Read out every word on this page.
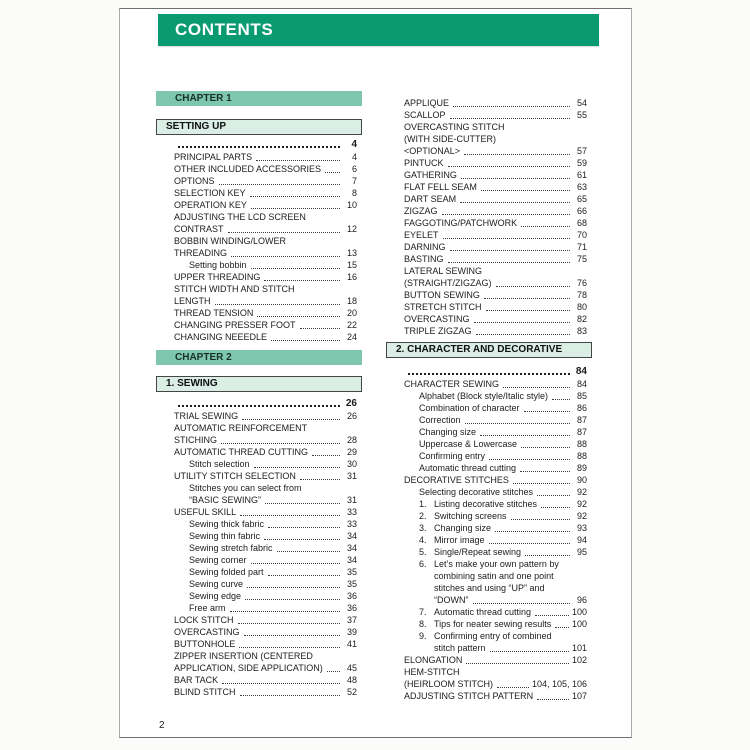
CONTENTS
CHAPTER 1
SETTING UP
4
PRINCIPAL PARTS	4
OTHER INCLUDED ACCESSORIES	6
OPTIONS	7
SELECTION KEY	8
OPERATION KEY	10
ADJUSTING THE LCD SCREEN
CONTRAST	12
BOBBIN WINDING/LOWER
THREADING	13
Setting bobbin	15
UPPER THREADING	16
STITCH WIDTH AND STITCH
LENGTH	18
THREAD TENSION	20
CHANGING PRESSER FOOT	22
CHANGING NEEEDLE	24
CHAPTER 2
1. SEWING
26
TRIAL SEWING	26
AUTOMATIC REINFORCEMENT
STICHING	28
AUTOMATIC THREAD CUTTING	29
Stitch selection	30
UTILITY STITCH SELECTION	31
Stitches you can select from
“BASIC SEWING”	31
USEFUL SKILL	33
Sewing thick fabric	33
Sewing thin fabric	34
Sewing stretch fabric	34
Sewing corner	34
Sewing folded part	35
Sewing curve	35
Sewing edge	36
Free arm	36
LOCK STITCH	37
OVERCASTING	39
BUTTONHOLE	41
ZIPPER INSERTION (CENTERED
APPLICATION, SIDE APPLICATION)	45
BAR TACK	48
BLIND STITCH	52
APPLIQUE	54
SCALLOP	55
OVERCASTING STITCH
(WITH SIDE-CUTTER)
<OPTIONAL>	57
PINTUCK	59
GATHERING	61
FLAT FELL SEAM	63
DART SEAM	65
ZIGZAG	66
FAGGOTING/PATCHWORK	68
EYELET	70
DARNING	71
BASTING	75
LATERAL SEWING
(STRAIGHT/ZIGZAG)	76
BUTTON SEWING	78
STRETCH STITCH	80
OVERCASTING	82
TRIPLE ZIGZAG	83
2. CHARACTER AND DECORATIVE
84
CHARACTER SEWING	84
Alphabet (Block style/Italic style)	85
Combination of character	86
Correction	87
Changing size	87
Uppercase & Lowercase	88
Confirming entry	88
Automatic thread cutting	89
DECORATIVE STITCHES	90
Selecting decorative stitches	92
1. Listing decorative stitches	92
2. Switching screens	92
3. Changing size	93
4. Mirror image	94
5. Single/Repeat sewing	95
6. Let’s make your own pattern by
combining satin and one point
stitches and using “UP” and
“DOWN”	96
7. Automatic thread cutting	100
8. Tips for neater sewing results 100
9. Confirming entry of combined
stitch pattern	101
ELONGATION	102
HEM-STITCH
(HEIRLOOM STITCH)	104, 105, 106
ADJUSTING STITCH PATTERN	107
2
